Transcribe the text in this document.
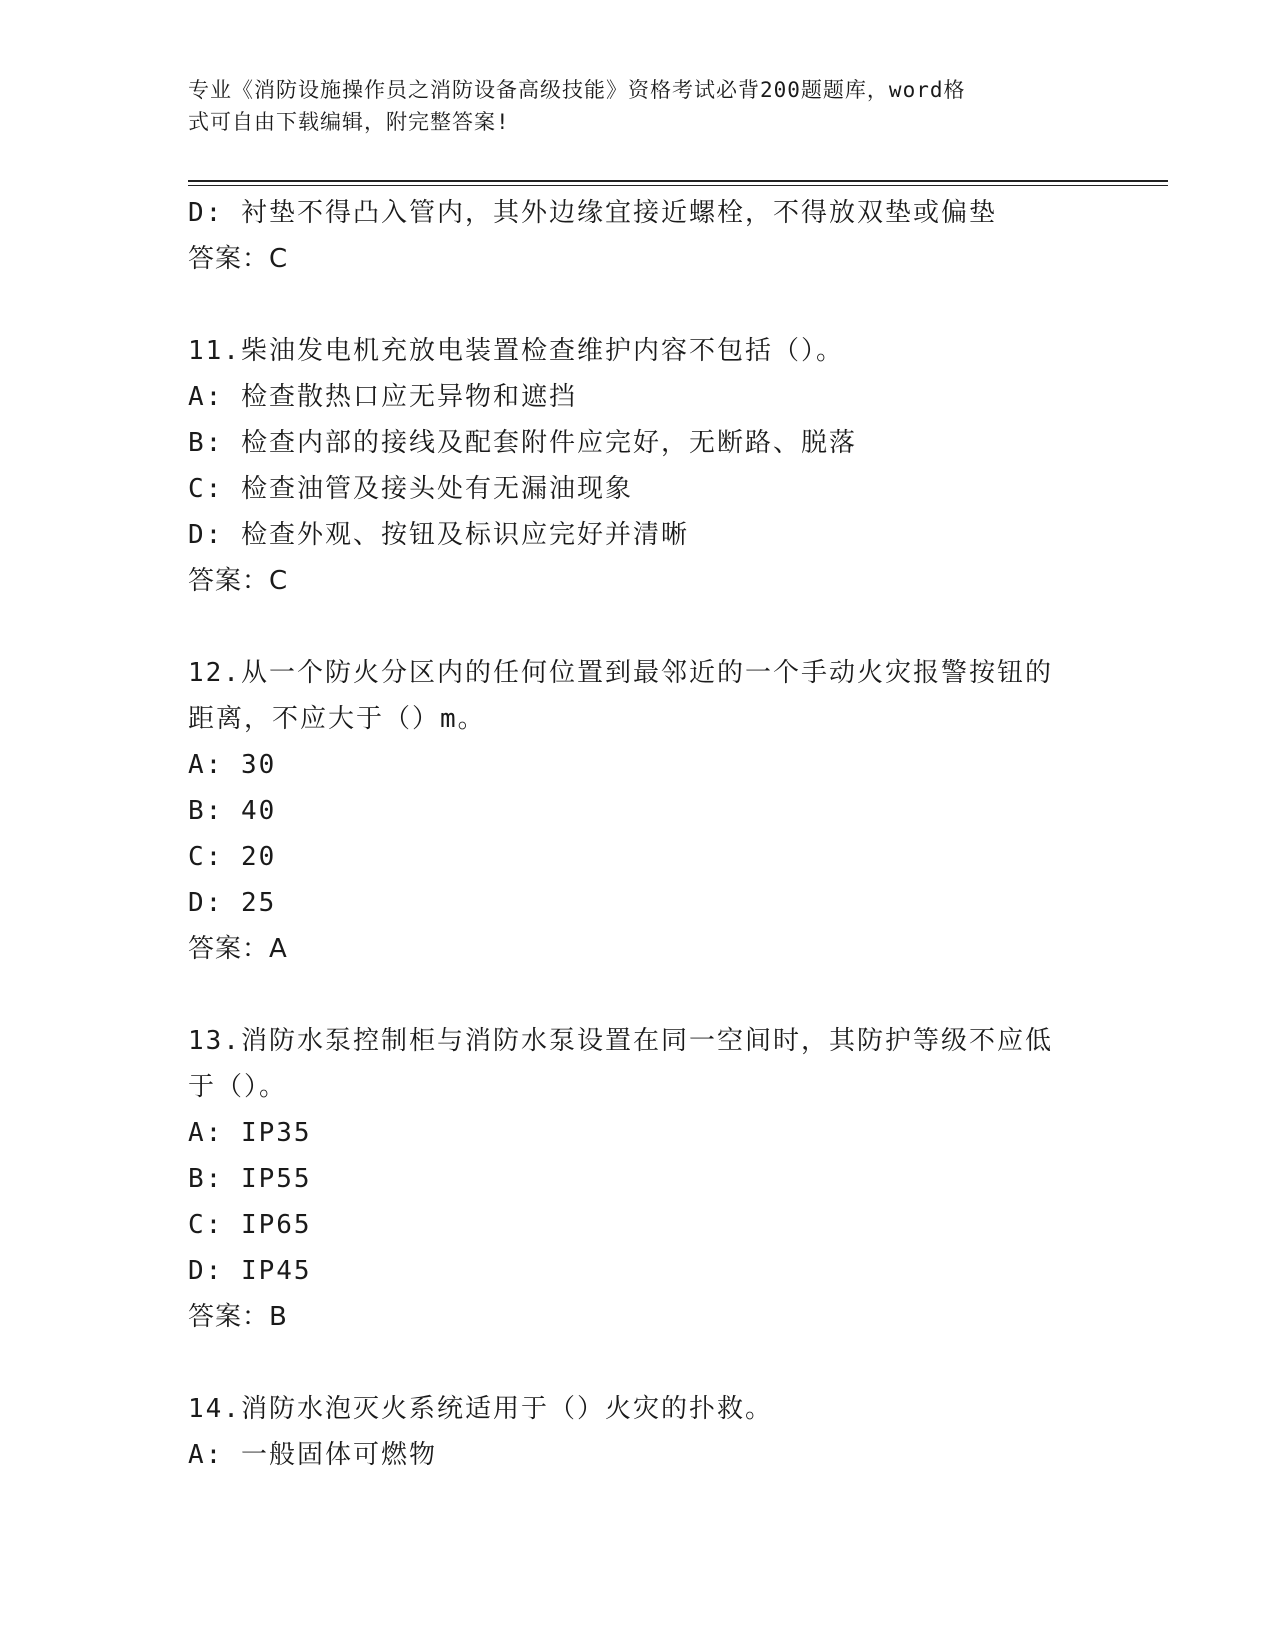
专业《消防设施操作员之消防设备高级技能》资格考试必背200题题库，word格
式可自由下载编辑，附完整答案!
D: 衬垫不得凸入管内，其外边缘宜接近螺栓，不得放双垫或偏垫
答案：C
11.柴油发电机充放电装置检查维护内容不包括（）。
A: 检查散热口应无异物和遮挡
B: 检查内部的接线及配套附件应完好，无断路、脱落
C: 检查油管及接头处有无漏油现象
D: 检查外观、按钮及标识应完好并清晰
答案：C
12.从一个防火分区内的任何位置到最邻近的一个手动火灾报警按钮的
距离，不应大于（）m。
A: 30
B: 40
C: 20
D: 25
答案：A
13.消防水泵控制柜与消防水泵设置在同一空间时，其防护等级不应低
于（）。
A: IP35
B: IP55
C: IP65
D: IP45
答案：B
14.消防水泡灭火系统适用于（）火灾的扑救。
A: 一般固体可燃物
